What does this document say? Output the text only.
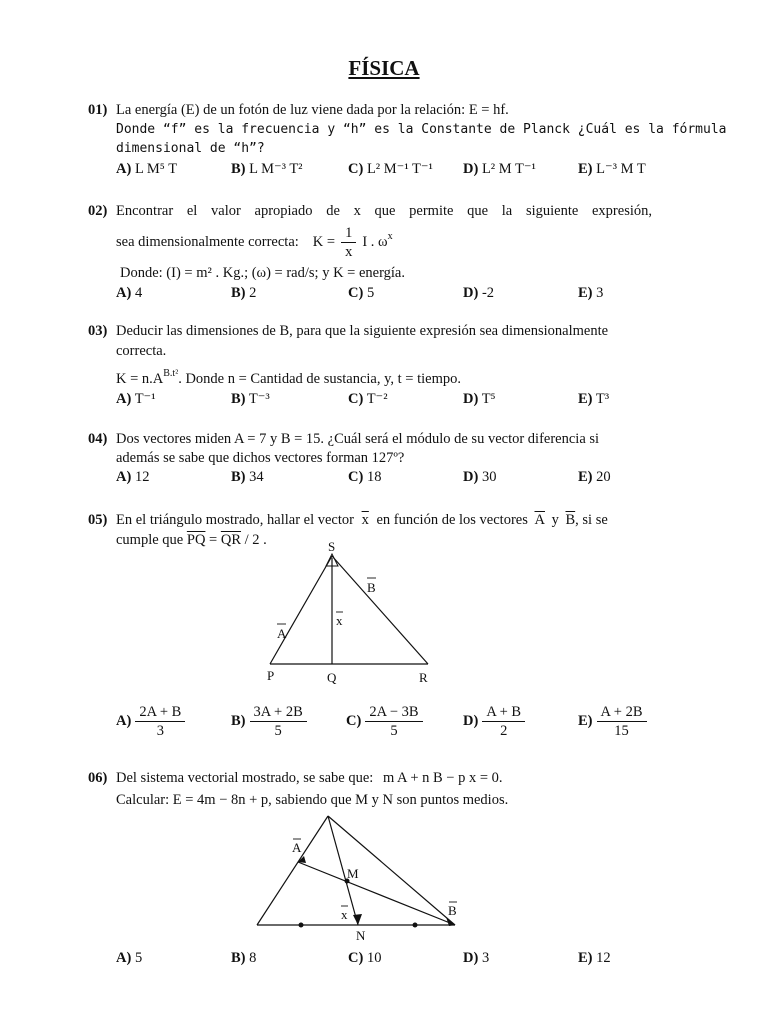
FÍSICA
01) La energía (E) de un fotón de luz viene dada por la relación: E = hf.
Donde “f” es la frecuencia y “h” es la Constante de Planck ¿Cuál es la fórmula
dimensional de “h”?
A) L M⁵ T	B) L M⁻³ T²	C) L² M⁻¹ T⁻¹ D) L² M T⁻¹	E) L⁻³ M T
02) Encontrar el valor apropiado de x que permite que la siguiente expresión,
sea dimensionalmente correcta: $K = \frac{1}{x}$ I . $\omega^x$
Donde: (I) = m² . Kg.; (ω) = rad/s; y K = energía.
A) 4	B) 2	C) 5	D) -2	E) 3
03) Deducir las dimensiones de B, para que la siguiente expresión sea dimensionalmente
correcta.
$K = n.A^{B.t^2}$. Donde n = Cantidad de sustancia, y, t = tiempo.
A) T⁻¹	B) T⁻³	C) T⁻²	D) T⁵	E) T³
04) Dos vectores miden A = 7 y B = 15. ¿Cuál será el módulo de su vector diferencia si
además se sabe que dichos vectores forman 127º?
A) 12	B) 34	C) 18	D) 30	E) 20
05) En el triángulo mostrado, hallar el vector $\overline{x}$ en función de los vectores $\overline{A}$ y $\overline{B}$, si se
cumple que $\overline{PQ} = \overline{QR} / 2$ .	S
P	Q	R
A
B
x
$A) \frac{2A + B}{3}$	$B) \frac{3A + 2B}{5}$	$C) \frac{2A - 3B}{5}$	$D) \frac{A + B}{2}$	$E) \frac{A + 2B}{15}$
06) Del sistema vectorial mostrado, se sabe que: m A + n B − p x = 0.
Calcular: E = 4m − 8n + p, sabiendo que M y N son puntos medios.
A
B
M
N
x
A) 5	B) 8	C) 10	D) 3	E) 12
